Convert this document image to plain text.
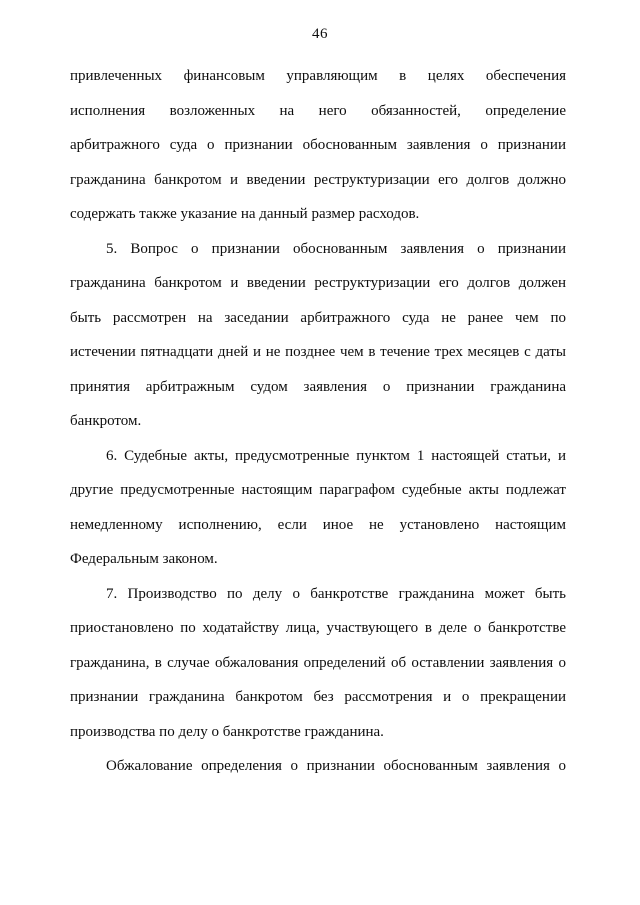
46
привлеченных финансовым управляющим в целях обеспечения
исполнения возложенных на него обязанностей, определение
арбитражного суда о признании обоснованным заявления о признании
гражданина банкротом и введении реструктуризации его долгов должно
содержать также указание на данный размер расходов.
5. Вопрос о признании обоснованным заявления о признании
гражданина банкротом и введении реструктуризации его долгов должен
быть рассмотрен на заседании арбитражного суда не ранее чем по
истечении пятнадцати дней и не позднее чем в течение трех месяцев с даты
принятия арбитражным судом заявления о признании гражданина
банкротом.
6. Судебные акты, предусмотренные пунктом 1 настоящей статьи, и
другие предусмотренные настоящим параграфом судебные акты подлежат
немедленному исполнению, если иное не установлено настоящим
Федеральным законом.
7. Производство по делу о банкротстве гражданина может быть
приостановлено по ходатайству лица, участвующего в деле о банкротстве
гражданина, в случае обжалования определений об оставлении заявления о
признании гражданина банкротом без рассмотрения и о прекращении
производства по делу о банкротстве гражданина.
Обжалование определения о признании обоснованным заявления о
